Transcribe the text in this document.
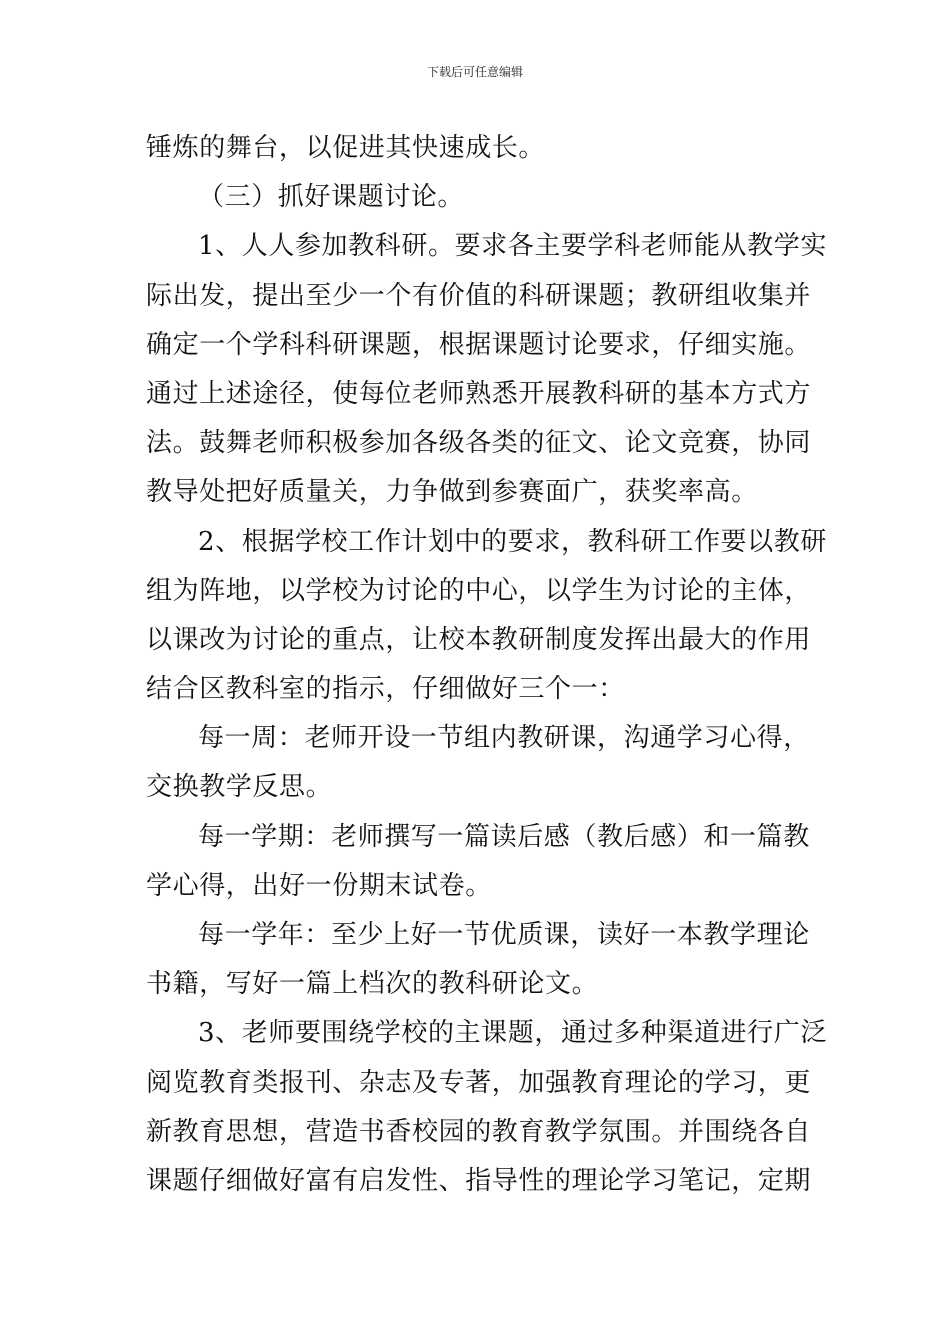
下载后可任意编辑
锤炼的舞台，以促进其快速成长。
（三）抓好课题讨论。
1、人人参加教科研。要求各主要学科老师能从教学实
际出发，提出至少一个有价值的科研课题；教研组收集并
确定一个学科科研课题，根据课题讨论要求，仔细实施。
通过上述途径，使每位老师熟悉开展教科研的基本方式方
法。鼓舞老师积极参加各级各类的征文、论文竞赛，协同
教导处把好质量关，力争做到参赛面广，获奖率高。
2、根据学校工作计划中的要求，教科研工作要以教研
组为阵地，以学校为讨论的中心，以学生为讨论的主体，
以课改为讨论的重点，让校本教研制度发挥出最大的作用
结合区教科室的指示，仔细做好三个一：
每一周：老师开设一节组内教研课，沟通学习心得，
交换教学反思。
每一学期：老师撰写一篇读后感（教后感）和一篇教
学心得，出好一份期末试卷。
每一学年：至少上好一节优质课，读好一本教学理论
书籍，写好一篇上档次的教科研论文。
3、老师要围绕学校的主课题，通过多种渠道进行广泛
阅览教育类报刊、杂志及专著，加强教育理论的学习，更
新教育思想，营造书香校园的教育教学氛围。并围绕各自
课题仔细做好富有启发性、指导性的理论学习笔记，定期
